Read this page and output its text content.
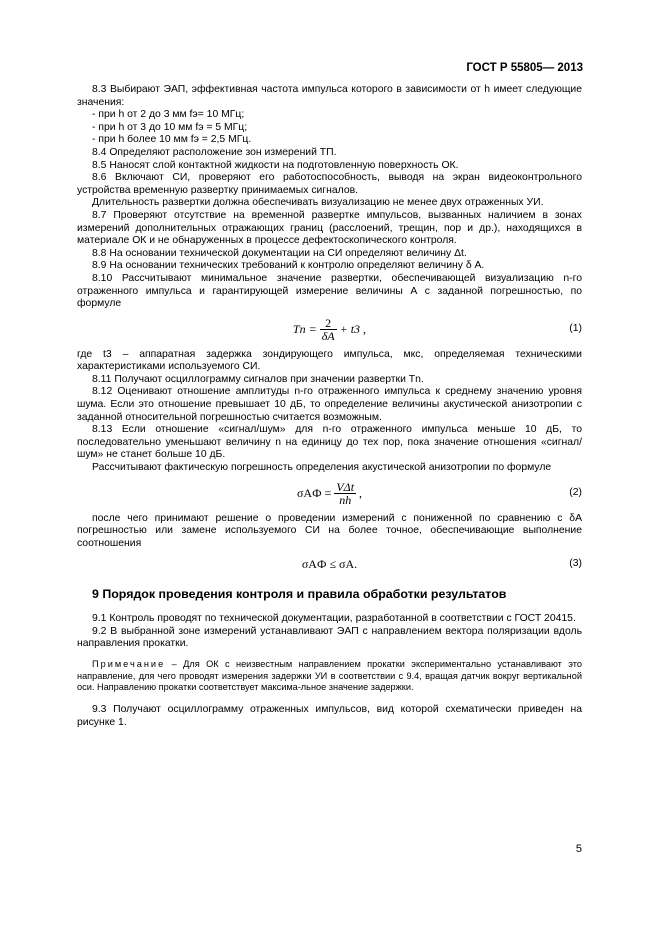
ГОСТ Р 55805— 2013

8.3 Выбирают ЭАП, эффективная частота импульса которого в зависимости от h имеет следующие значения:

- при h от 2 до 3 мм fэ= 10 МГц;

- при h от 3 до 10 мм fэ = 5 МГц;

- при h более 10 мм fэ = 2,5 МГц.

8.4 Определяют расположение зон измерений ТП.

8.5 Наносят слой контактной жидкости на подготовленную поверхность ОК.

8.6 Включают СИ, проверяют его работоспособность, выводя на экран видеоконтрольного устройства временную развертку принимаемых сигналов.

Длительность развертки должна обеспечивать визуализацию не менее двух отраженных УИ.

8.7 Проверяют отсутствие на временной развертке импульсов, вызванных наличием в зонах измерений дополнительных отражающих границ (расслоений, трещин, пор и др.), находящихся в материале ОК и не обнаруженных в процессе дефектоскопического контроля.

8.8 На основании технической документации на СИ определяют величину Δt.

8.9 На основании технических требований к контролю определяют величину δ А.

8.10 Рассчитывают минимальное значение развертки, обеспечивающей визуализацию n-го отраженного импульса и гарантирующей измерение величины А с заданной погрешностью, по формуле

$Tn = \frac{2}{\delta A} + t3$ ,	(1)

где t3 – аппаратная задержка зондирующего импульса, мкс, определяемая техническими характеристиками используемого СИ.

8.11 Получают осциллограмму сигналов при значении развертки Tn.

8.12 Оценивают отношение амплитуды n-го отраженного импульса к среднему значению уровня шума. Если это отношение превышает 10 дБ, то определение величины акустической анизотропии с заданной относительной погрешностью считается возможным.

8.13 Если отношение «сигнал/шум» для n-го отраженного импульса меньше 10 дБ, то последовательно уменьшают величину n на единицу до тех пор, пока значение отношения «сигнал/шум» не станет больше 10 дБ.

Рассчитывают фактическую погрешность определения акустической анизотропии по формуле

$\sigma AФ = \frac{\text{VΔt}}{nh}$ ,	(2)

после чего принимают решение о проведении измерений с пониженной по сравнению с δA погрешностью или замене используемого СИ на более точное, обеспечивающие выполнение соотношения

σAФ ≤ σA.	(3)
9 Порядок проведения контроля и правила обработки результатов

9.1 Контроль проводят по технической документации, разработанной в соответствии с ГОСТ 20415.

9.2 В выбранной зоне измерений устанавливают ЭАП с направлением вектора поляризации вдоль направления прокатки.

Примечание – Для ОК с неизвестным направлением прокатки экспериментально устанавливают это направление, для чего проводят измерения задержки УИ в соответствии с 9.4, вращая датчик вокруг вертикальной оси. Направлению прокатки соответствует максима-льное значение задержки.

9.3 Получают осциллограмму отраженных импульсов, вид которой схематически приведен на рисунке 1.

5
